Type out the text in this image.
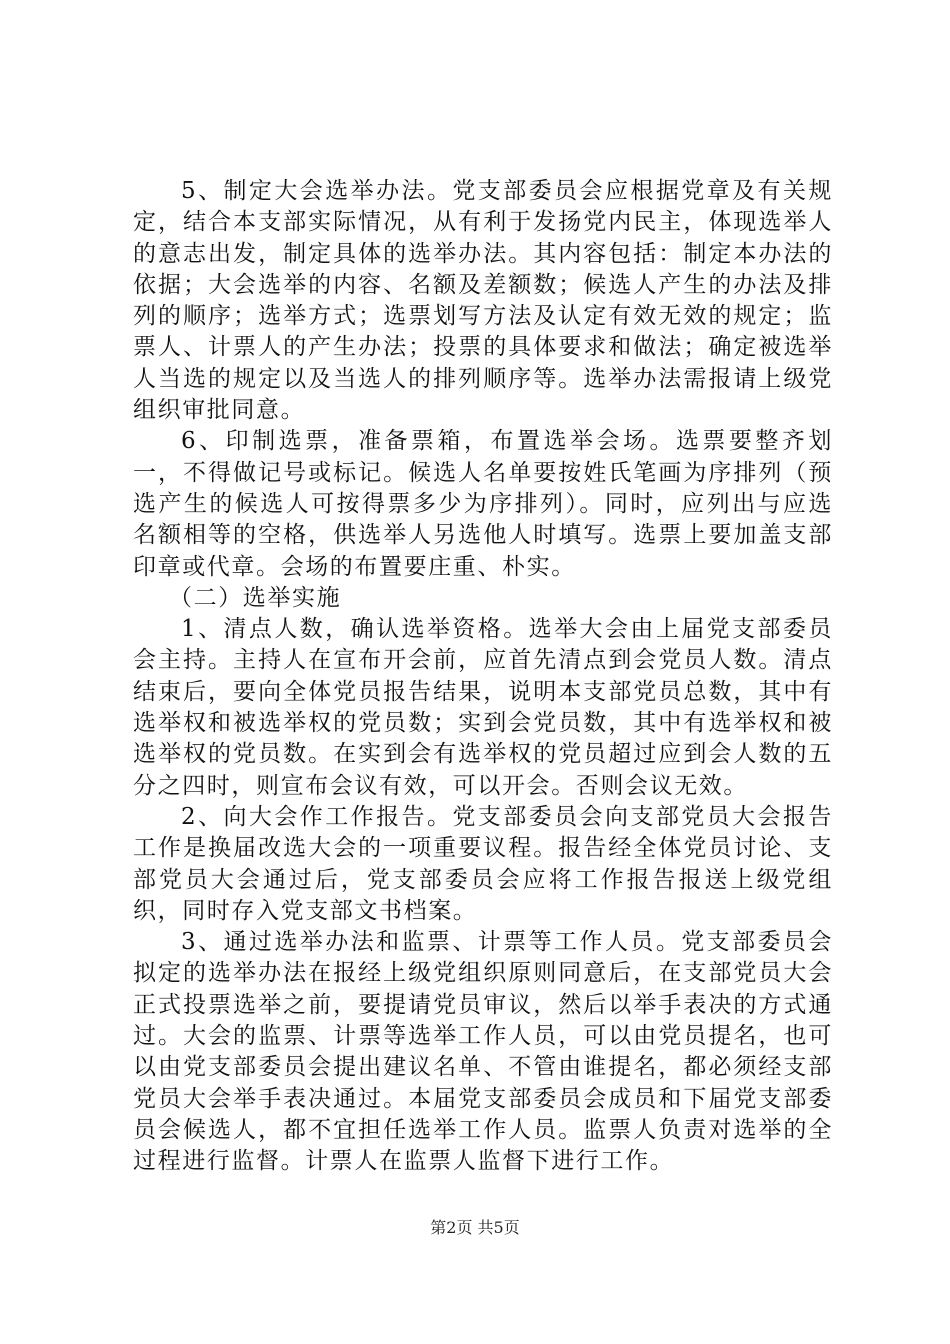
5、制定大会选举办法。党支部委员会应根据党章及有关规定，结合本支部实际情况，从有利于发扬党内民主，体现选举人的意志出发，制定具体的选举办法。其内容包括：制定本办法的依据；大会选举的内容、名额及差额数；候选人产生的办法及排列的顺序；选举方式；选票划写方法及认定有效无效的规定；监票人、计票人的产生办法；投票的具体要求和做法；确定被选举人当选的规定以及当选人的排列顺序等。选举办法需报请上级党组织审批同意。

6、印制选票，准备票箱，布置选举会场。选票要整齐划一，不得做记号或标记。候选人名单要按姓氏笔画为序排列（预选产生的候选人可按得票多少为序排列）。同时，应列出与应选名额相等的空格，供选举人另选他人时填写。选票上要加盖支部印章或代章。会场的布置要庄重、朴实。

（二）选举实施

1、清点人数，确认选举资格。选举大会由上届党支部委员会主持。主持人在宣布开会前，应首先清点到会党员人数。清点结束后，要向全体党员报告结果，说明本支部党员总数，其中有选举权和被选举权的党员数；实到会党员数，其中有选举权和被选举权的党员数。在实到会有选举权的党员超过应到会人数的五分之四时，则宣布会议有效，可以开会。否则会议无效。

2、向大会作工作报告。党支部委员会向支部党员大会报告工作是换届改选大会的一项重要议程。报告经全体党员讨论、支部党员大会通过后，党支部委员会应将工作报告报送上级党组织，同时存入党支部文书档案。

3、通过选举办法和监票、计票等工作人员。党支部委员会拟定的选举办法在报经上级党组织原则同意后，在支部党员大会正式投票选举之前，要提请党员审议，然后以举手表决的方式通过。大会的监票、计票等选举工作人员，可以由党员提名，也可以由党支部委员会提出建议名单、不管由谁提名，都必须经支部党员大会举手表决通过。本届党支部委员会成员和下届党支部委员会候选人，都不宜担任选举工作人员。监票人负责对选举的全过程进行监督。计票人在监票人监督下进行工作。

第2页 共5页
